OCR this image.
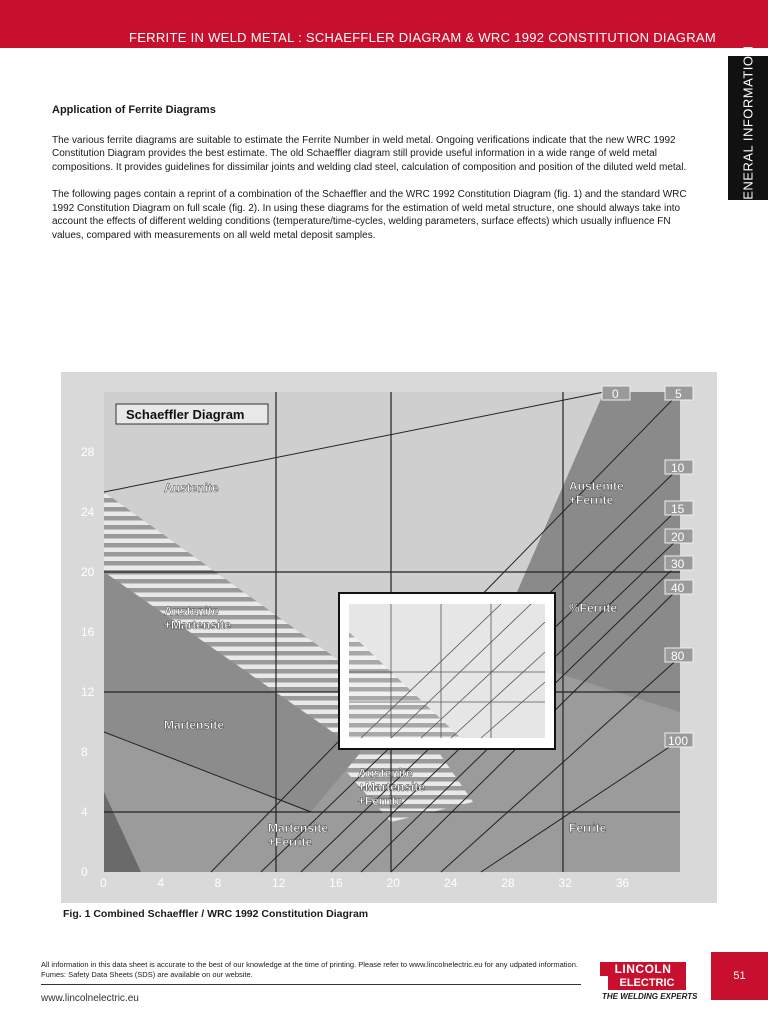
FERRITE IN WELD METAL : SCHAEFFLER DIAGRAM & WRC 1992 CONSTITUTION DIAGRAM
GENERAL INFORMATION
Application of Ferrite Diagrams

The various ferrite diagrams are suitable to estimate the Ferrite Number in weld metal. Ongoing verifications indicate that the new WRC 1992 Constitution Diagram provides the best estimate. The old Schaeffler diagram still provide useful information in a wide range of weld metal compositions. It provides guidelines for dissimilar joints and welding clad steel, calculation of composition and position of the diluted weld metal.

The following pages contain a reprint of a combination of the Schaeffler and the WRC 1992 Constitution Diagram (fig. 1) and the standard WRC 1992 Constitution Diagram on full scale (fig. 2). In using these diagrams for the estimation of weld metal structure, one should always take into account the effects of different welding conditions (temperature/time-cycles, welding parameters, surface effects) which usually influence FN values, compared with measurements on all weld metal deposit samples.

Schaeffler Diagram
Austenite	Austenite
+Ferrite
Austenite
+Martensite
Martensite
Austenite
+Martensite
+Ferrite
Martensite
+Ferrite
Ferrite
%Ferrite
0	5
10
15
20
30
40
80
100
0	4	8	12	16	20	24	28	32	36
0
4
8
12
16
20
24
28
Fig. 1 Combined Schaeffler / WRC 1992 Constitution Diagram
All information in this data sheet is accurate to the best of our knowledge at the time of printing. Please refer to www.lincolnelectric.eu for any udpated information.
Fumes: Safety Data Sheets (SDS) are available on our website.
www.lincolnelectric.eu
LINCOLN
ELECTRIC
THE WELDING EXPERTS
51
